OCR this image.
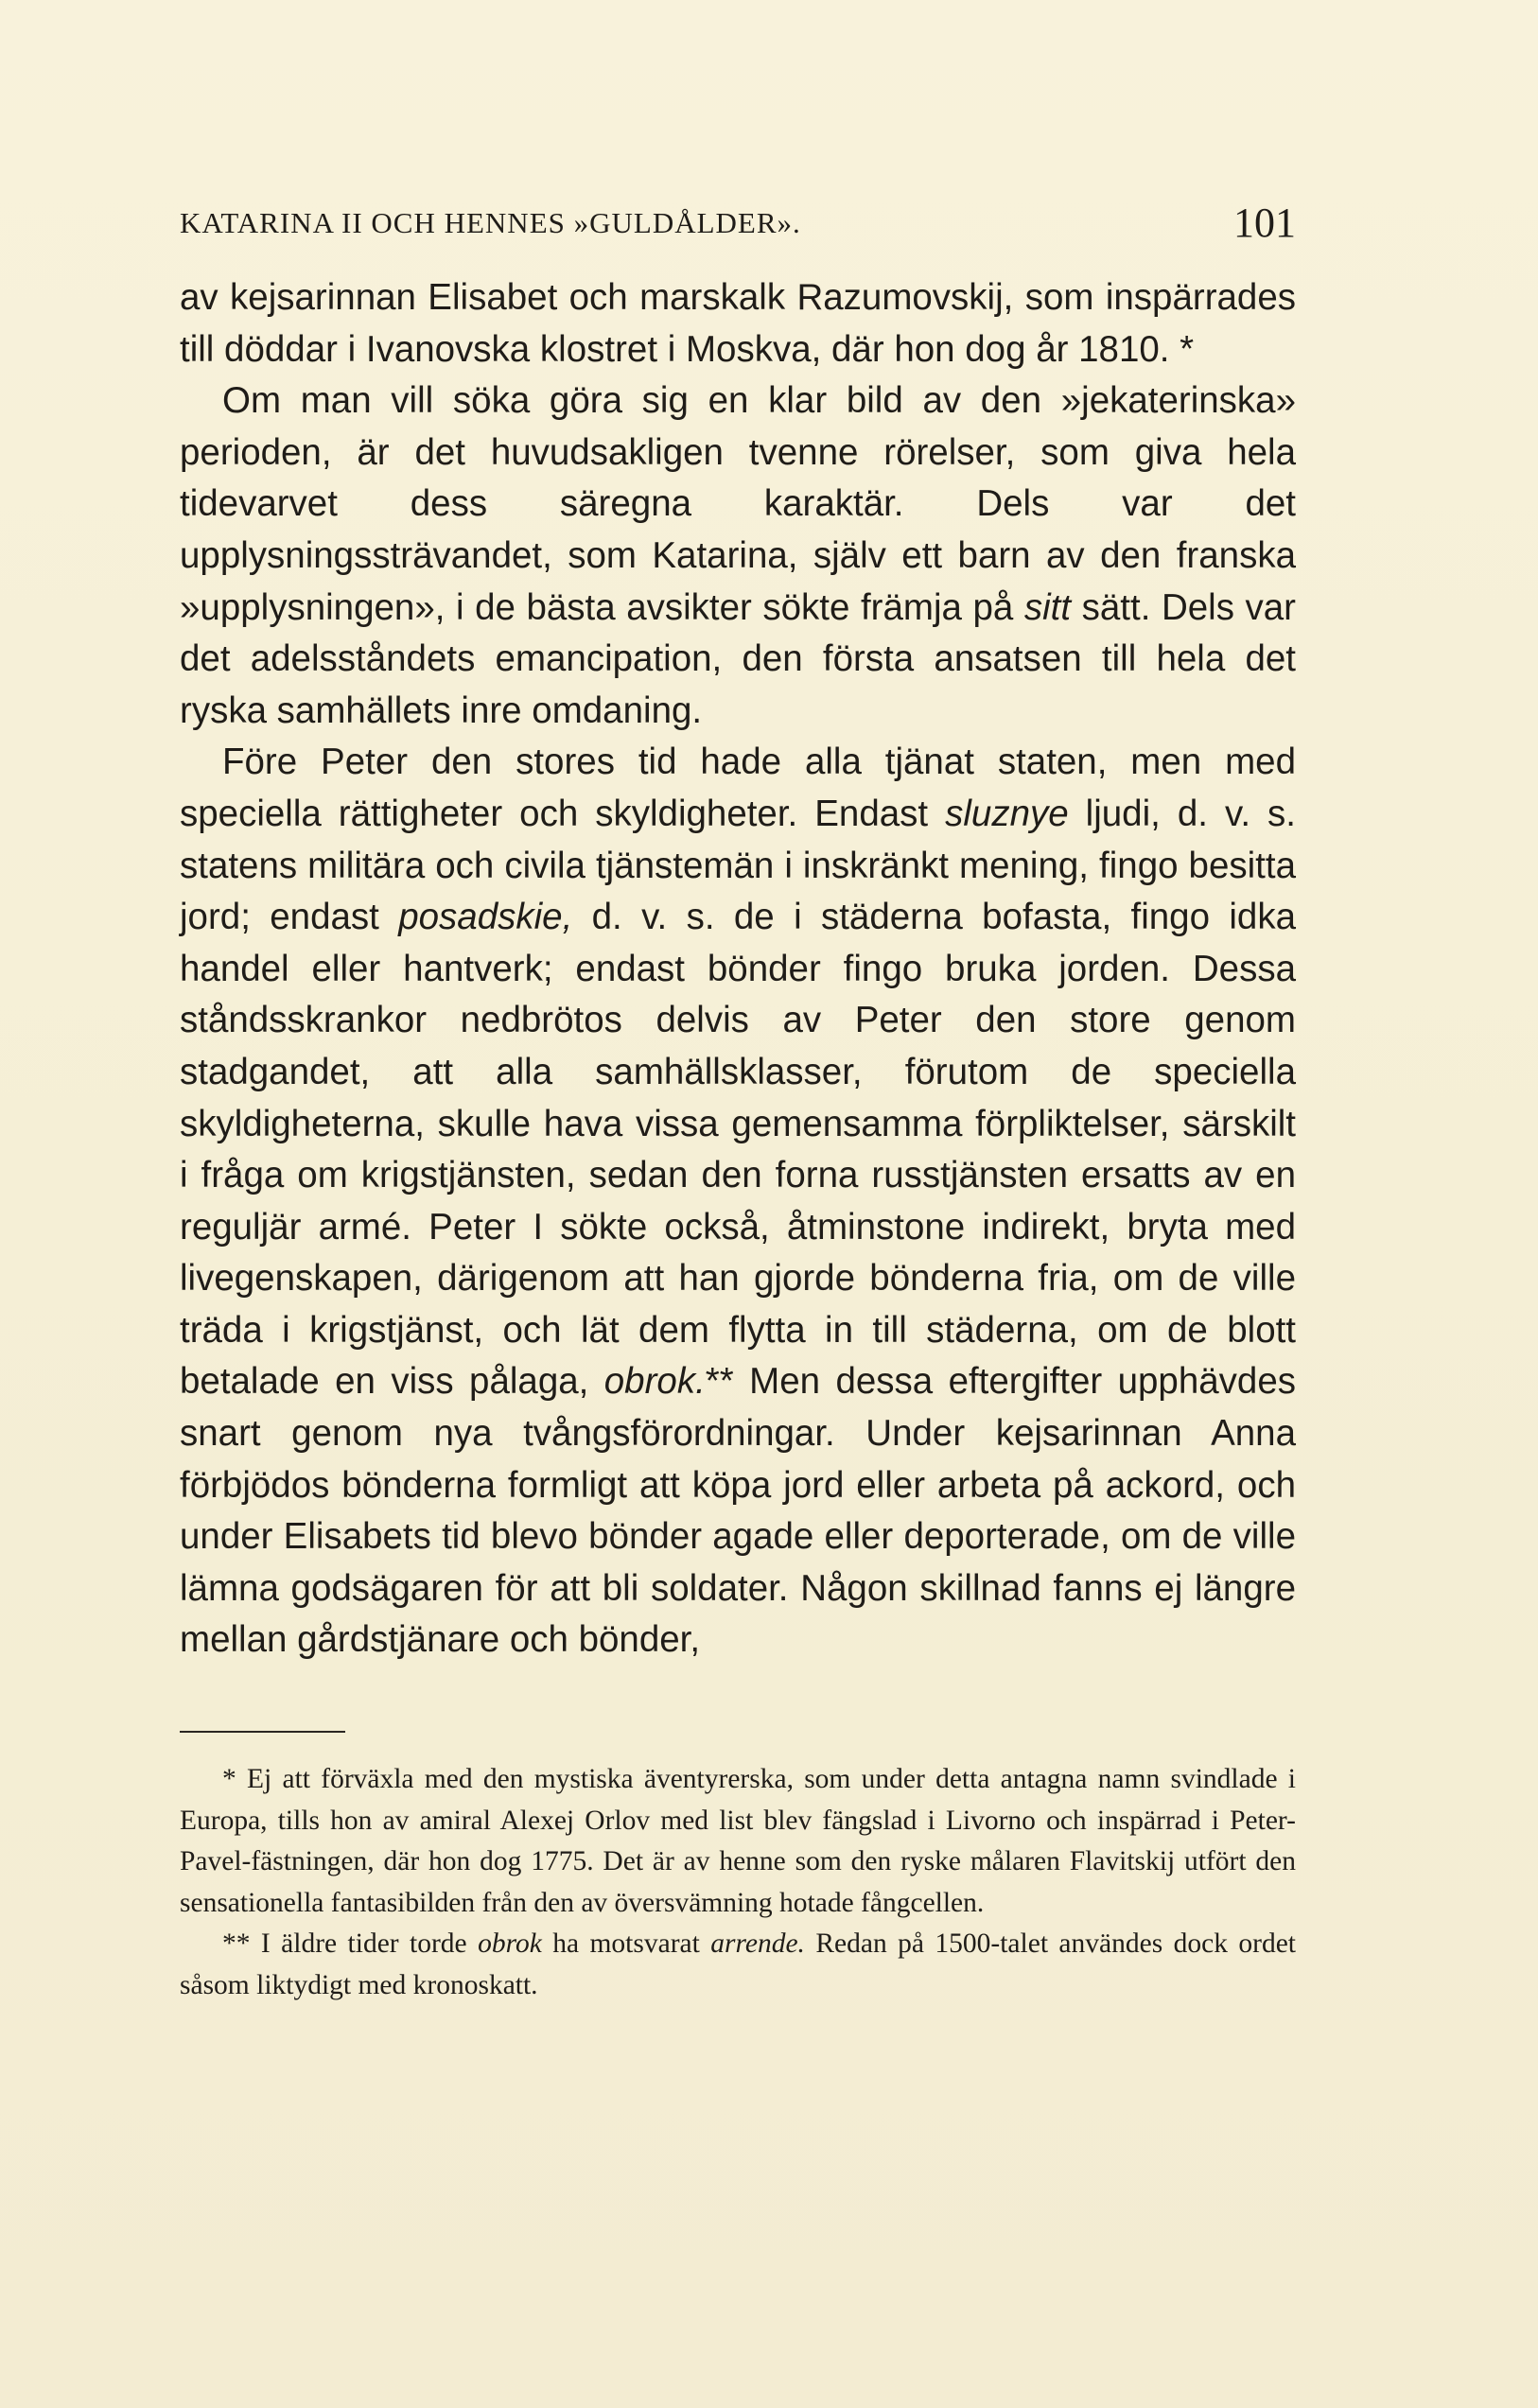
KATARINA II OCH HENNES »GULDÅLDER».	101

av kejsarinnan Elisabet och marskalk Razumovskij, som inspärrades till döddar i Ivanovska klostret i Moskva, där hon dog år 1810. *

Om man vill söka göra sig en klar bild av den »jekaterinska» perioden, är det huvudsakligen tvenne rörelser, som giva hela tidevarvet dess säregna karaktär. Dels var det upplysningssträvandet, som Katarina, själv ett barn av den franska »upplysningen», i de bästa avsikter sökte främja på sitt sätt. Dels var det adelsståndets emancipation, den första ansatsen till hela det ryska samhällets inre omdaning.

Före Peter den stores tid hade alla tjänat staten, men med speciella rättigheter och skyldigheter. Endast sluznye ljudi, d. v. s. statens militära och civila tjänstemän i inskränkt mening, fingo besitta jord; endast posadskie, d. v. s. de i städerna bofasta, fingo idka handel eller hantverk; endast bönder fingo bruka jorden. Dessa ståndsskrankor nedbrötos delvis av Peter den store genom stadgandet, att alla samhällsklasser, förutom de speciella skyldigheterna, skulle hava vissa gemensamma förpliktelser, särskilt i fråga om krigstjänsten, sedan den forna russtjänsten ersatts av en reguljär armé. Peter I sökte också, åtminstone indirekt, bryta med livegenskapen, därigenom att han gjorde bönderna fria, om de ville träda i krigstjänst, och lät dem flytta in till städerna, om de blott betalade en viss pålaga, obrok.** Men dessa eftergifter upphävdes snart genom nya tvångsförordningar. Under kejsarinnan Anna förbjödos bönderna formligt att köpa jord eller arbeta på ackord, och under Elisabets tid blevo bönder agade eller deporterade, om de ville lämna godsägaren för att bli soldater. Någon skillnad fanns ej längre mellan gårdstjänare och bönder,

* Ej att förväxla med den mystiska äventyrerska, som under detta antagna namn svindlade i Europa, tills hon av amiral Alexej Orlov med list blev fängslad i Livorno och inspärrad i Peter-Pavel-fästningen, där hon dog 1775. Det är av henne som den ryske målaren Flavitskij utfört den sensationella fantasibilden från den av översvämning hotade fångcellen.

** I äldre tider torde obrok ha motsvarat arrende. Redan på 1500-talet användes dock ordet såsom liktydigt med kronoskatt.
